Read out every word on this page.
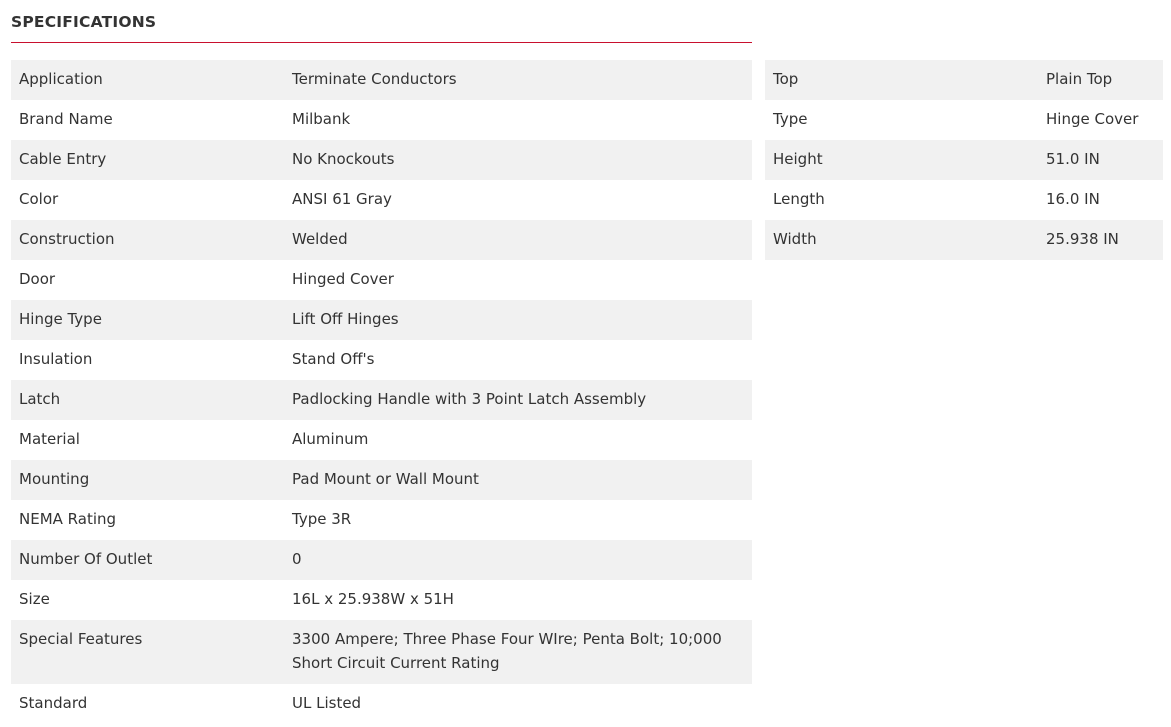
SPECIFICATIONS
Application	Terminate Conductors
Brand Name	Milbank
Cable Entry	No Knockouts
Color	ANSI 61 Gray
Construction	Welded
Door	Hinged Cover
Hinge Type	Lift Off Hinges
Insulation	Stand Off's
Latch	Padlocking Handle with 3 Point Latch Assembly
Material	Aluminum
Mounting	Pad Mount or Wall Mount
NEMA Rating	Type 3R
Number Of Outlet	0
Size	16L x 25.938W x 51H
Special Features	3300 Ampere; Three Phase Four WIre; Penta Bolt; 10;000 Short Circuit Current Rating
Standard	UL Listed
Top	Plain Top
Type	Hinge Cover
Height	51.0 IN
Length	16.0 IN
Width	25.938 IN
